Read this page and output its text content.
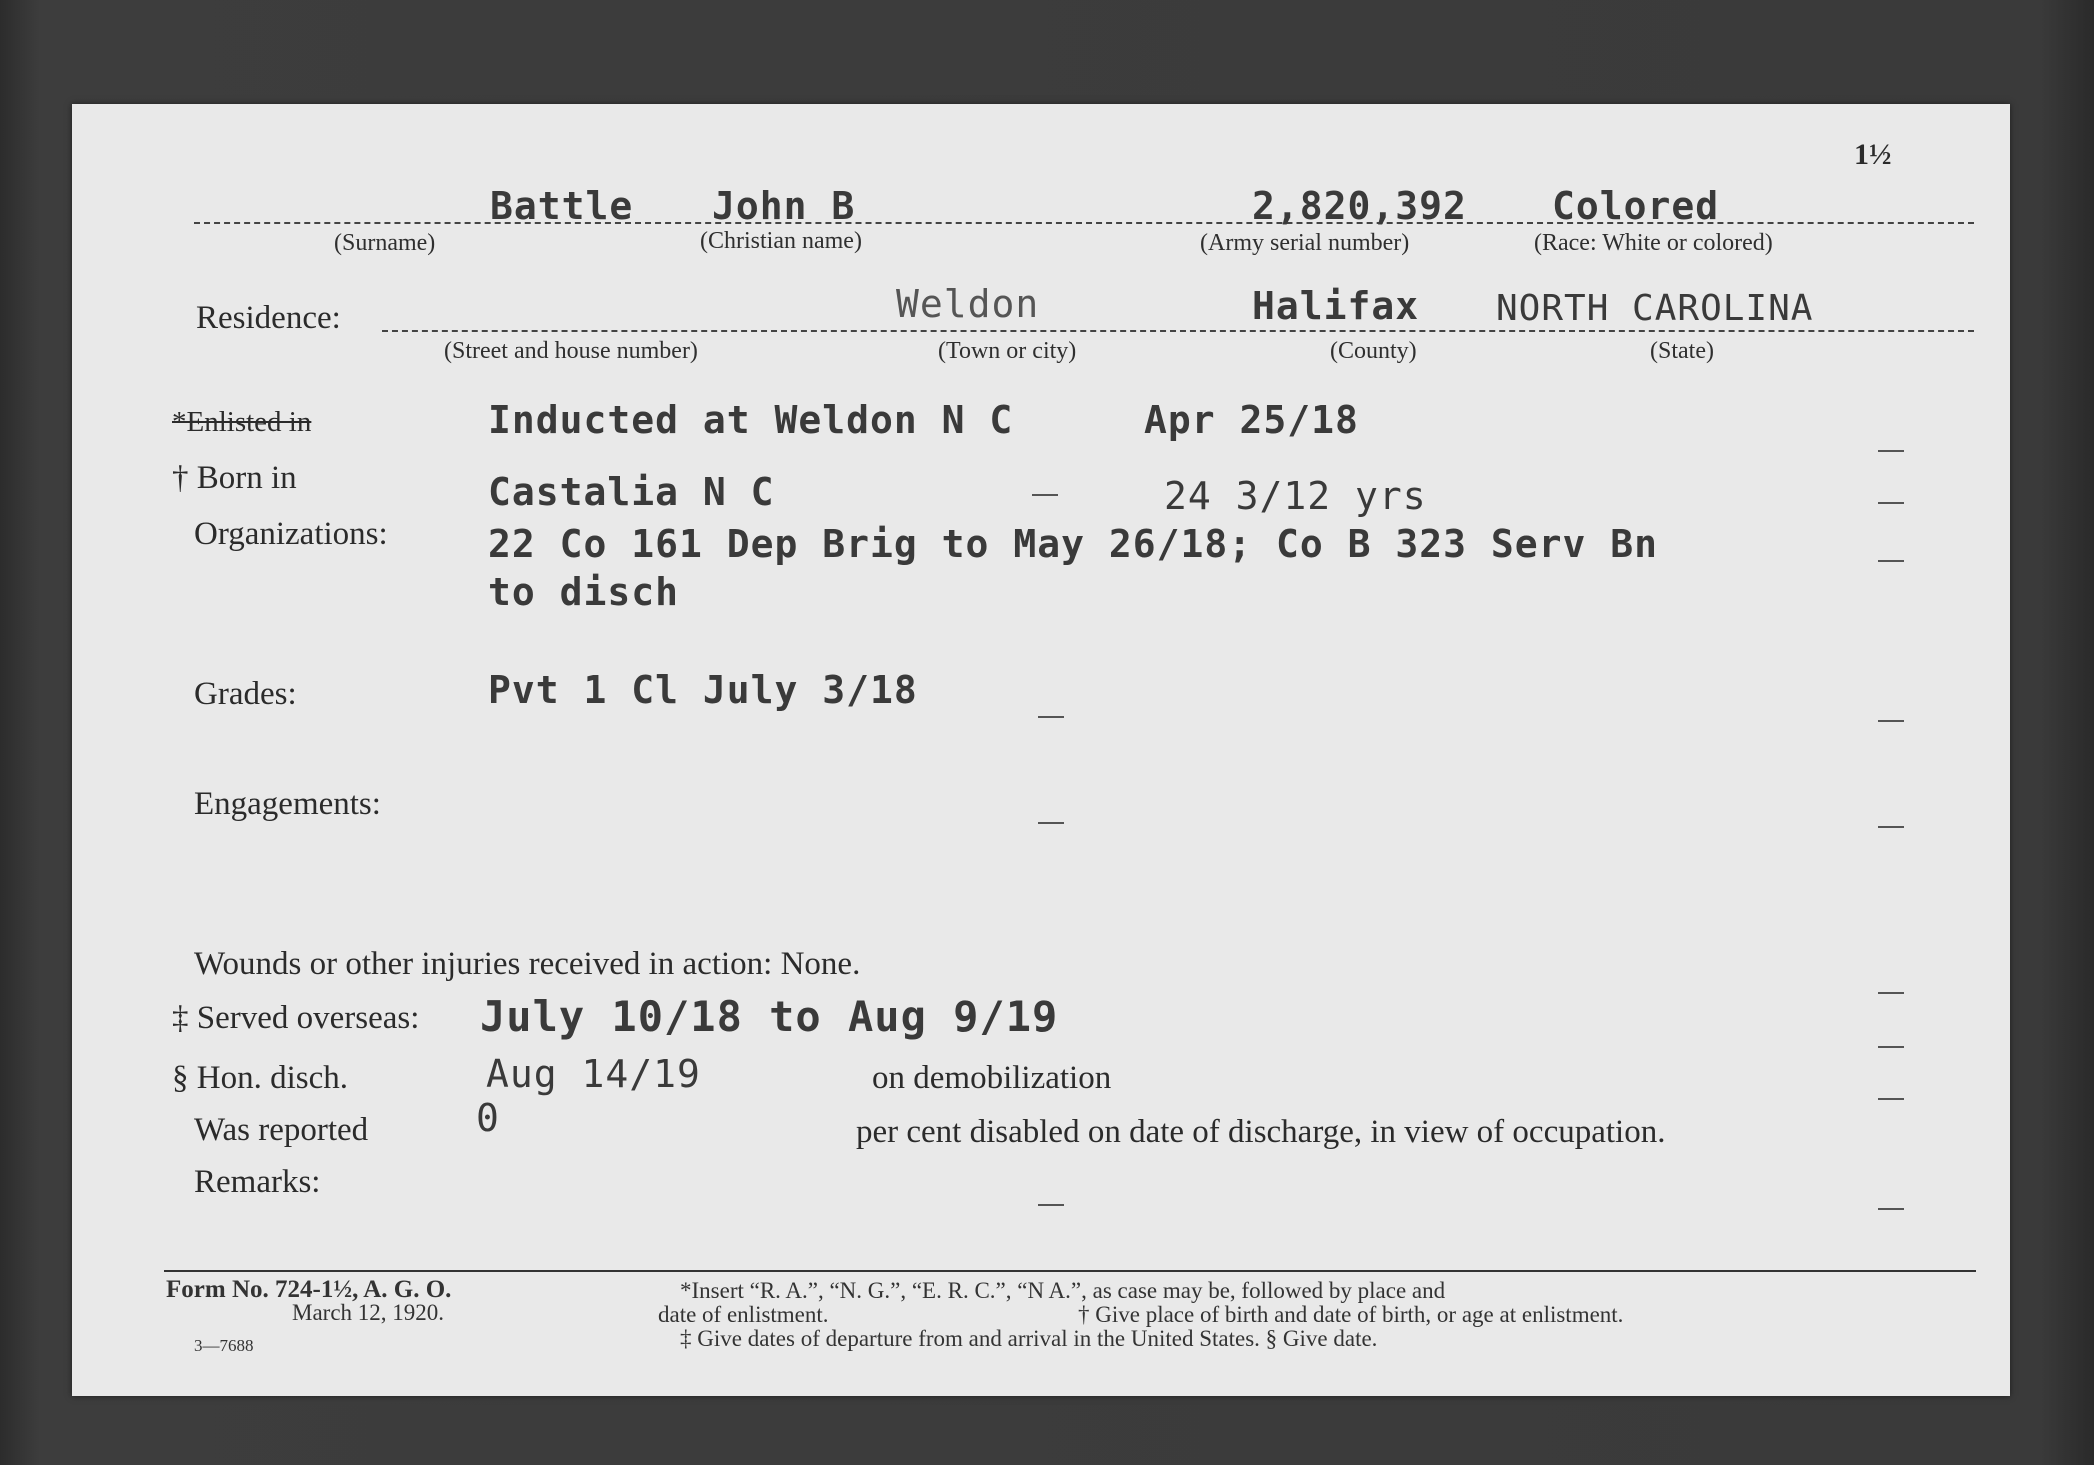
1½
Battle John B	2,820,392 Colored
(Surname)	(Christian name)	(Army serial number)	(Race: White or colored)
Residence:	Weldon	Halifax NORTH CAROLINA
(Street and house number)	(Town or city)	(County)	(State)
*Enlisted in	Inducted at Weldon N C	Apr 25/18
† Born in	Castalia N C	24 3/12 yrs
Organizations:	22 Co 161 Dep Brig to May 26/18; Co B 323 Serv Bn
to disch
Grades:	Pvt 1 Cl July 3/18
Engagements:
Wounds or other injuries received in action: None.
‡ Served overseas: July 10/18 to Aug 9/19
§ Hon. disch.	Aug 14/19	on demobilization
Was reported	0	per cent disabled on date of discharge, in view of occupation.
Remarks:
Form No. 724-1½, A. G. O.
March 12, 1920.
3—7688
*Insert “R. A.”, “N. G.”, “E. R. C.”, “N A.”, as case may be, followed by place and
date of enlistment.	† Give place of birth and date of birth, or age at enlistment.
‡ Give dates of departure from and arrival in the United States. § Give date.
